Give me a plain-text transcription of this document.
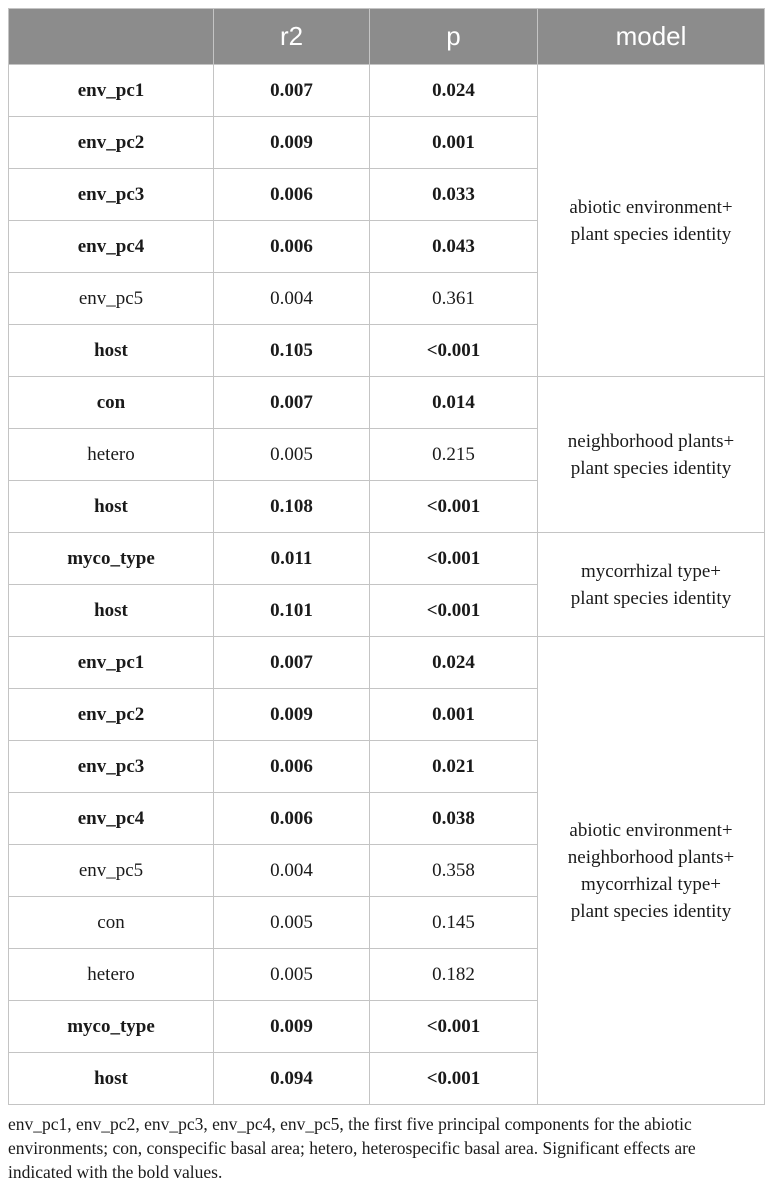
	r2	p	model
env_pc1	0.007	0.024	abiotic environment+
plant species identity

env_pc2	0.009	0.001	
env_pc3	0.006	0.033	
env_pc4	0.006	0.043	
env_pc5	0.004	0.361	
host	0.105	<0.001	
con	0.007	0.014	neighborhood plants+
plant species identity

hetero	0.005	0.215	
host	0.108	<0.001	
myco_type	0.011	<0.001	mycorrhizal type+
plant species identity

host	0.101	<0.001	
env_pc1	0.007	0.024	abiotic environment+
neighborhood plants+
mycorrhizal type+
plant species identity

env_pc2	0.009	0.001	
env_pc3	0.006	0.021	
env_pc4	0.006	0.038	
env_pc5	0.004	0.358	
con	0.005	0.145	
hetero	0.005	0.182	
myco_type	0.009	<0.001	
host	0.094	<0.001	

env_pc1, env_pc2, env_pc3, env_pc4, env_pc5, the first five principal components for the abiotic environments; con, conspecific basal area; hetero, heterospecific basal area. Significant effects are indicated with the bold values.
